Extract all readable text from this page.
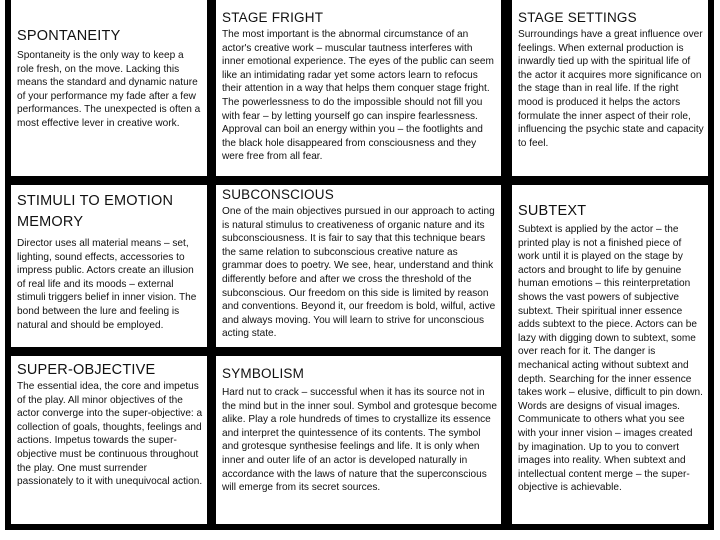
SPONTANEITY

Spontaneity is the only way to keep a role fresh, on the move. Lacking this means the standard and dynamic nature of your performance my fade after a few performances. The unexpected is often a most effective lever in creative work.

STAGE FRIGHT

The most important is the abnormal circumstance of an actor's creative work – muscular tautness interferes with inner emotional experience. The eyes of the public can seem like an intimidating radar yet some actors learn to refocus their attention in a way that helps them conquer stage fright. The powerlessness to do the impossible should not fill you with fear – by letting yourself go can inspire fearlessness. Approval can boil an energy within you – the footlights and the black hole disappeared from consciousness and they were free from all fear.

STAGE SETTINGS

Surroundings have a great influence over feelings. When external production is inwardly tied up with the spiritual life of the actor it acquires more significance on the stage than in real life. If the right mood is produced it helps the actors formulate the inner aspect of their role, influencing the psychic state and capacity to feel.

STIMULI TO EMOTION MEMORY

Director uses all material means – set, lighting, sound effects, accessories to impress public. Actors create an illusion of real life and its moods – external stimuli triggers belief in inner vision. The bond between the lure and feeling is natural and should be employed.

SUBCONSCIOUS

One of the main objectives pursued in our approach to acting is natural stimulus to creativeness of organic nature and its subconsciousness. It is fair to say that this technique bears the same relation to subconscious creative nature as grammar does to poetry. We see, hear, understand and think differently before and after we cross the threshold of the subconscious. Our freedom on this side is limited by reason and conventions. Beyond it, our freedom is bold, wilful, active and always moving. You will learn to strive for unconscious acting state.

SUBTEXT

Subtext is applied by the actor – the printed play is not a finished piece of work until it is played on the stage by actors and brought to life by genuine human emotions – this reinterpretation shows the vast powers of subjective subtext. Their spiritual inner essence adds subtext to the piece. Actors can be lazy with digging down to subtext, some over reach for it. The danger is mechanical acting without subtext and depth. Searching for the inner essence takes work – elusive, difficult to pin down. Words are designs of visual images. Communicate to others what you see with your inner vision – images created by imagination. Up to you to convert images into reality. When subtext and intellectual content merge – the super-objective is achievable.

SUPER-OBJECTIVE

The essential idea, the core and impetus of the play. All minor objectives of the actor converge into the super-objective: a collection of goals, thoughts, feelings and actions. Impetus towards the super-objective must be continuous throughout the play. One must surrender passionately to it with unequivocal action.

SYMBOLISM

Hard nut to crack – successful when it has its source not in the mind but in the inner soul. Symbol and grotesque become alike. Play a role hundreds of times to crystallize its essence and interpret the quintessence of its contents. The symbol and grotesque synthesise feelings and life. It is only when inner and outer life of an actor is developed naturally in accordance with the laws of nature that the superconscious will emerge from its secret sources.
